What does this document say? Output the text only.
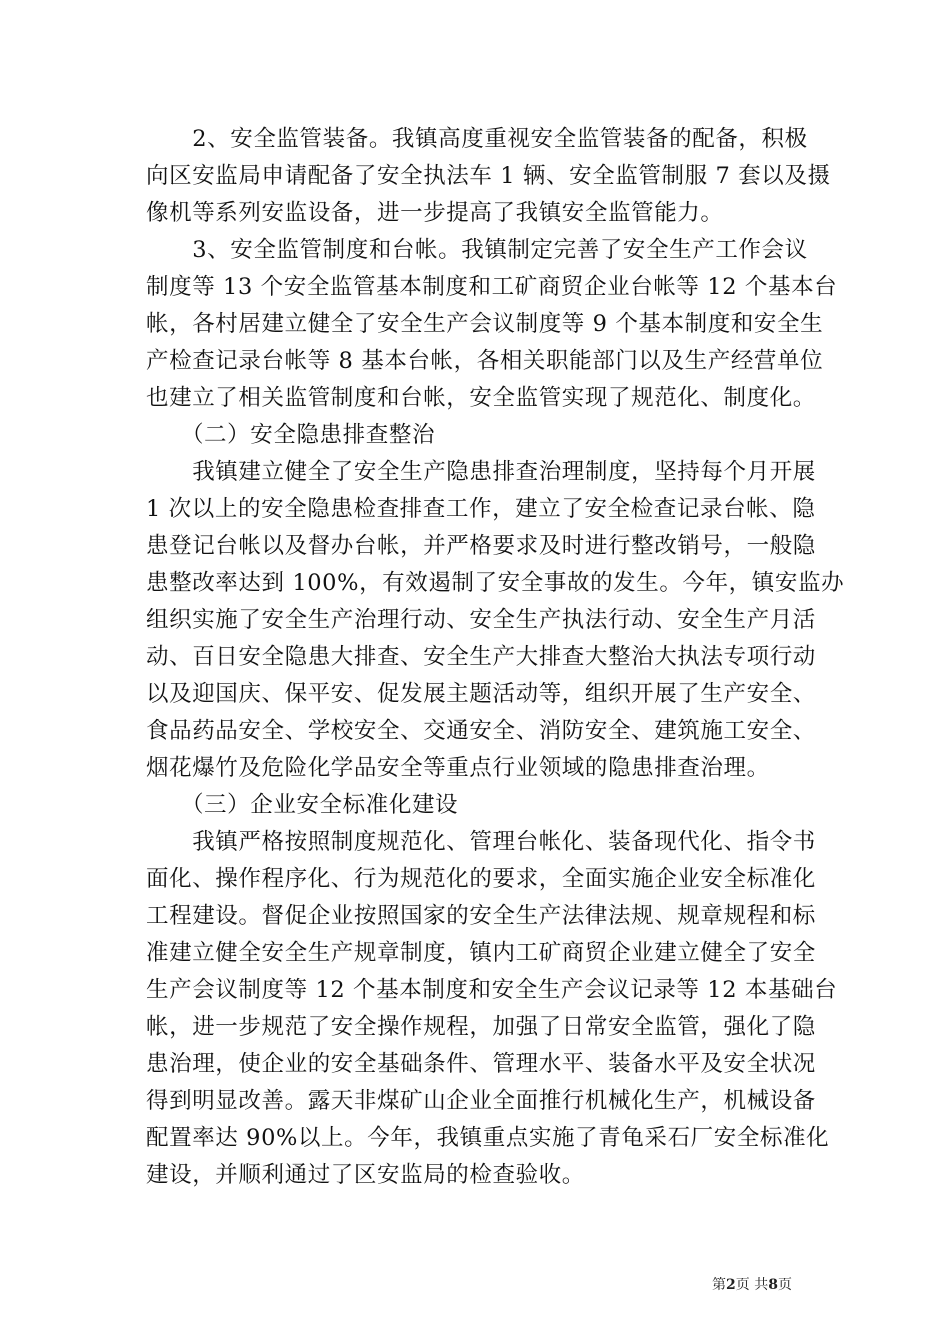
　　2、安全监管装备。我镇高度重视安全监管装备的配备，积极
向区安监局申请配备了安全执法车 1 辆、安全监管制服 7 套以及摄
像机等系列安监设备，进一步提高了我镇安全监管能力。
　　3、安全监管制度和台帐。我镇制定完善了安全生产工作会议
制度等 13 个安全监管基本制度和工矿商贸企业台帐等 12 个基本台
帐，各村居建立健全了安全生产会议制度等 9 个基本制度和安全生
产检查记录台帐等 8 基本台帐，各相关职能部门以及生产经营单位
也建立了相关监管制度和台帐，安全监管实现了规范化、制度化。
　　（二）安全隐患排查整治
　　我镇建立健全了安全生产隐患排查治理制度，坚持每个月开展
1 次以上的安全隐患检查排查工作，建立了安全检查记录台帐、隐
患登记台帐以及督办台帐，并严格要求及时进行整改销号，一般隐
患整改率达到 100%，有效遏制了安全事故的发生。今年，镇安监办
组织实施了安全生产治理行动、安全生产执法行动、安全生产月活
动、百日安全隐患大排查、安全生产大排查大整治大执法专项行动
以及迎国庆、保平安、促发展主题活动等，组织开展了生产安全、
食品药品安全、学校安全、交通安全、消防安全、建筑施工安全、
烟花爆竹及危险化学品安全等重点行业领域的隐患排查治理。
　　（三）企业安全标准化建设
　　我镇严格按照制度规范化、管理台帐化、装备现代化、指令书
面化、操作程序化、行为规范化的要求，全面实施企业安全标准化
工程建设。督促企业按照国家的安全生产法律法规、规章规程和标
准建立健全安全生产规章制度，镇内工矿商贸企业建立健全了安全
生产会议制度等 12 个基本制度和安全生产会议记录等 12 本基础台
帐，进一步规范了安全操作规程，加强了日常安全监管，强化了隐
患治理，使企业的安全基础条件、管理水平、装备水平及安全状况
得到明显改善。露天非煤矿山企业全面推行机械化生产，机械设备
配置率达 90%以上。今年，我镇重点实施了青龟采石厂安全标准化
建设，并顺利通过了区安监局的检查验收。
第2页 共8页
